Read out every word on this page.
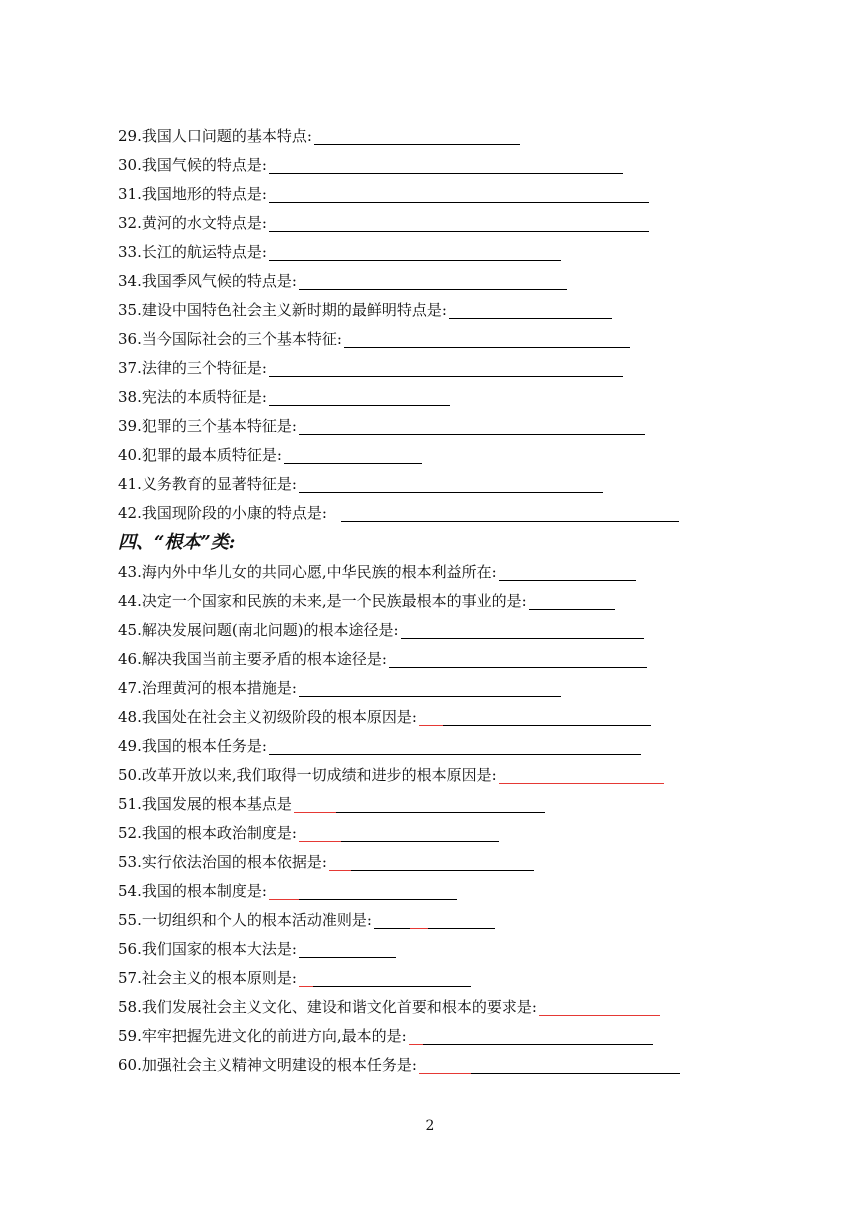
29.我国人口问题的基本特点:
30.我国气候的特点是:
31.我国地形的特点是:
32.黄河的水文特点是:
33.长江的航运特点是:
34.我国季风气候的特点是:
35.建设中国特色社会主义新时期的最鲜明特点是:
36.当今国际社会的三个基本特征:
37.法律的三个特征是:
38.宪法的本质特征是:
39.犯罪的三个基本特征是:
40.犯罪的最本质特征是:
41.义务教育的显著特征是:
42.我国现阶段的小康的特点是:
四、“根本”类:
43.海内外中华儿女的共同心愿,中华民族的根本利益所在:
44.决定一个国家和民族的未来,是一个民族最根本的事业的是:
45.解决发展问题(南北问题)的根本途径是:
46.解决我国当前主要矛盾的根本途径是:
47.治理黄河的根本措施是:
48.我国处在社会主义初级阶段的根本原因是:
49.我国的根本任务是:
50.改革开放以来,我们取得一切成绩和进步的根本原因是:
51.我国发展的根本基点是
52.我国的根本政治制度是:
53.实行依法治国的根本依据是:
54.我国的根本制度是:
55.一切组织和个人的根本活动准则是:
56.我们国家的根本大法是:
57.社会主义的根本原则是:
58.我们发展社会主义文化、建设和谐文化首要和根本的要求是:
59.牢牢把握先进文化的前进方向,最本的是:
60.加强社会主义精神文明建设的根本任务是:
2
